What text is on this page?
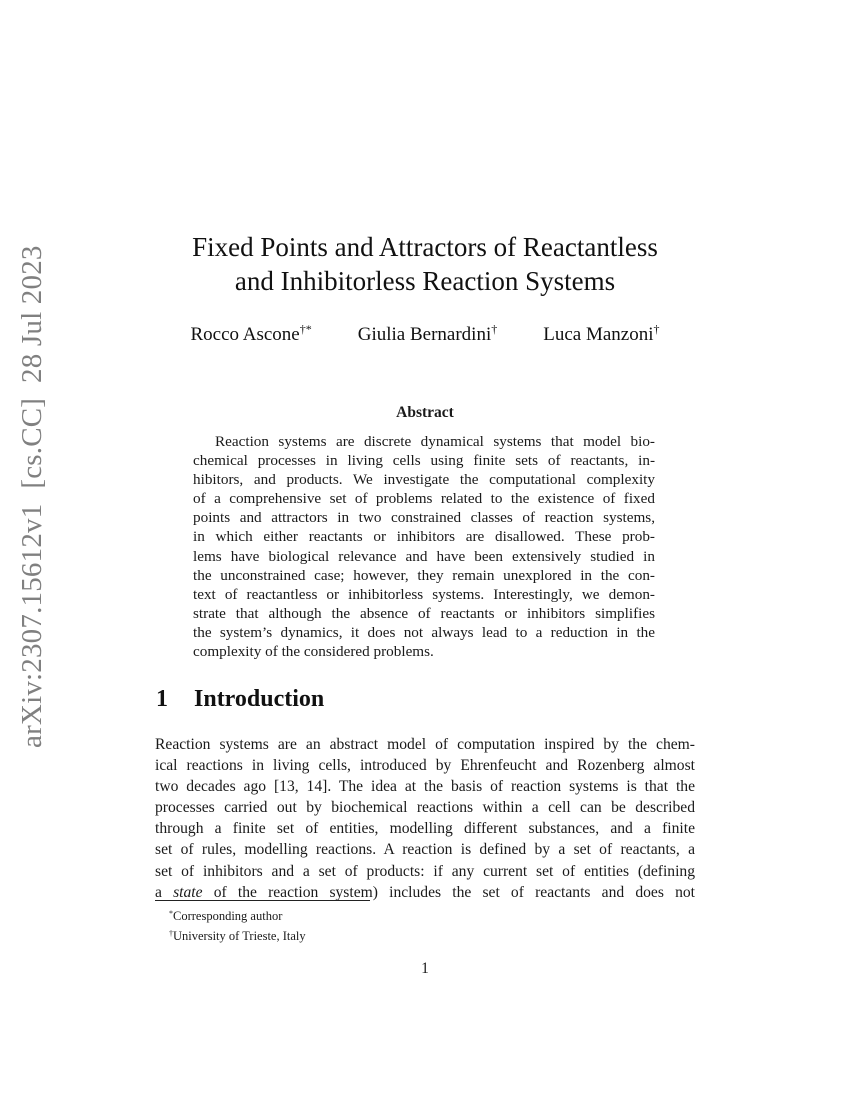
arXiv:2307.15612v1  [cs.CC]  28 Jul 2023	Fixed Points and Attractors of Reactantless
and Inhibitorless Reaction Systems
Rocco Ascone†* Giulia Bernardini† Luca Manzoni†
Abstract
Reaction systems are discrete dynamical systems that model bio-
chemical processes in living cells using finite sets of reactants, in-
hibitors, and products. We investigate the computational complexity
of a comprehensive set of problems related to the existence of fixed
points and attractors in two constrained classes of reaction systems,
in which either reactants or inhibitors are disallowed. These prob-
lems have biological relevance and have been extensively studied in
the unconstrained case; however, they remain unexplored in the con-
text of reactantless or inhibitorless systems. Interestingly, we demon-
strate that although the absence of reactants or inhibitors simplifies
the system’s dynamics, it does not always lead to a reduction in the
complexity of the considered problems.
1 Introduction
Reaction systems are an abstract model of computation inspired by the chem-
ical reactions in living cells, introduced by Ehrenfeucht and Rozenberg almost
two decades ago [13, 14]. The idea at the basis of reaction systems is that the
processes carried out by biochemical reactions within a cell can be described
through a finite set of entities, modelling different substances, and a finite
set of rules, modelling reactions. A reaction is defined by a set of reactants, a
set of inhibitors and a set of products: if any current set of entities (defining
a state of the reaction system) includes the set of reactants and does not
*Corresponding author
†University of Trieste, Italy
1
